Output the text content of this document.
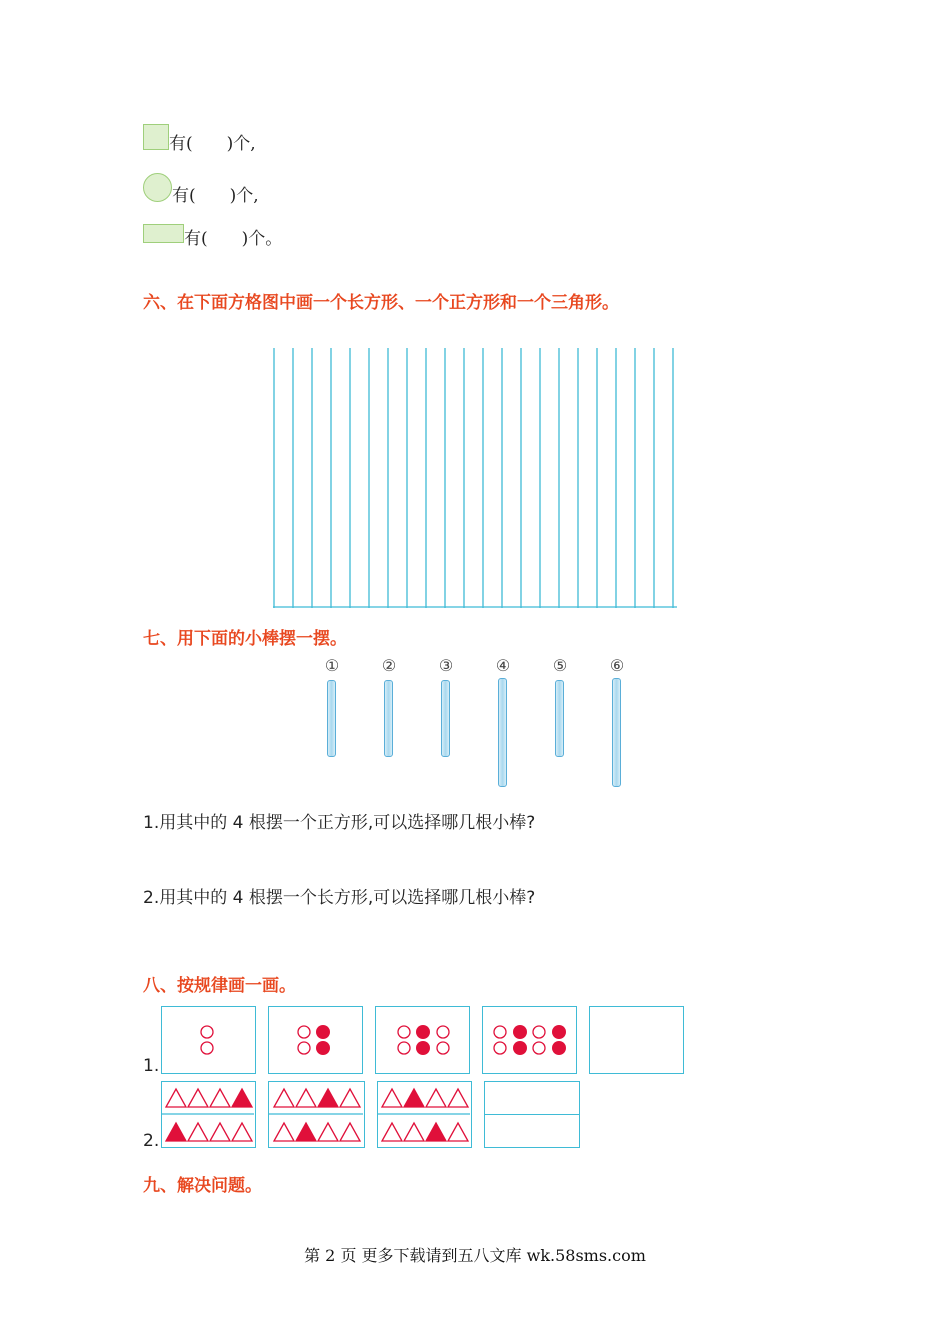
有(　　)个,
有(　　)个,
有(　　)个。
六、在下面方格图中画一个长方形、一个正方形和一个三角形。
七、用下面的小棒摆一摆。
①	②	③	④	⑤	⑥
1.用其中的 4 根摆一个正方形,可以选择哪几根小棒?
2.用其中的 4 根摆一个长方形,可以选择哪几根小棒?
八、按规律画一画。
1.
2.
九、解决问题。
第 2 页 更多下载请到五八文库 wk.58sms.com
